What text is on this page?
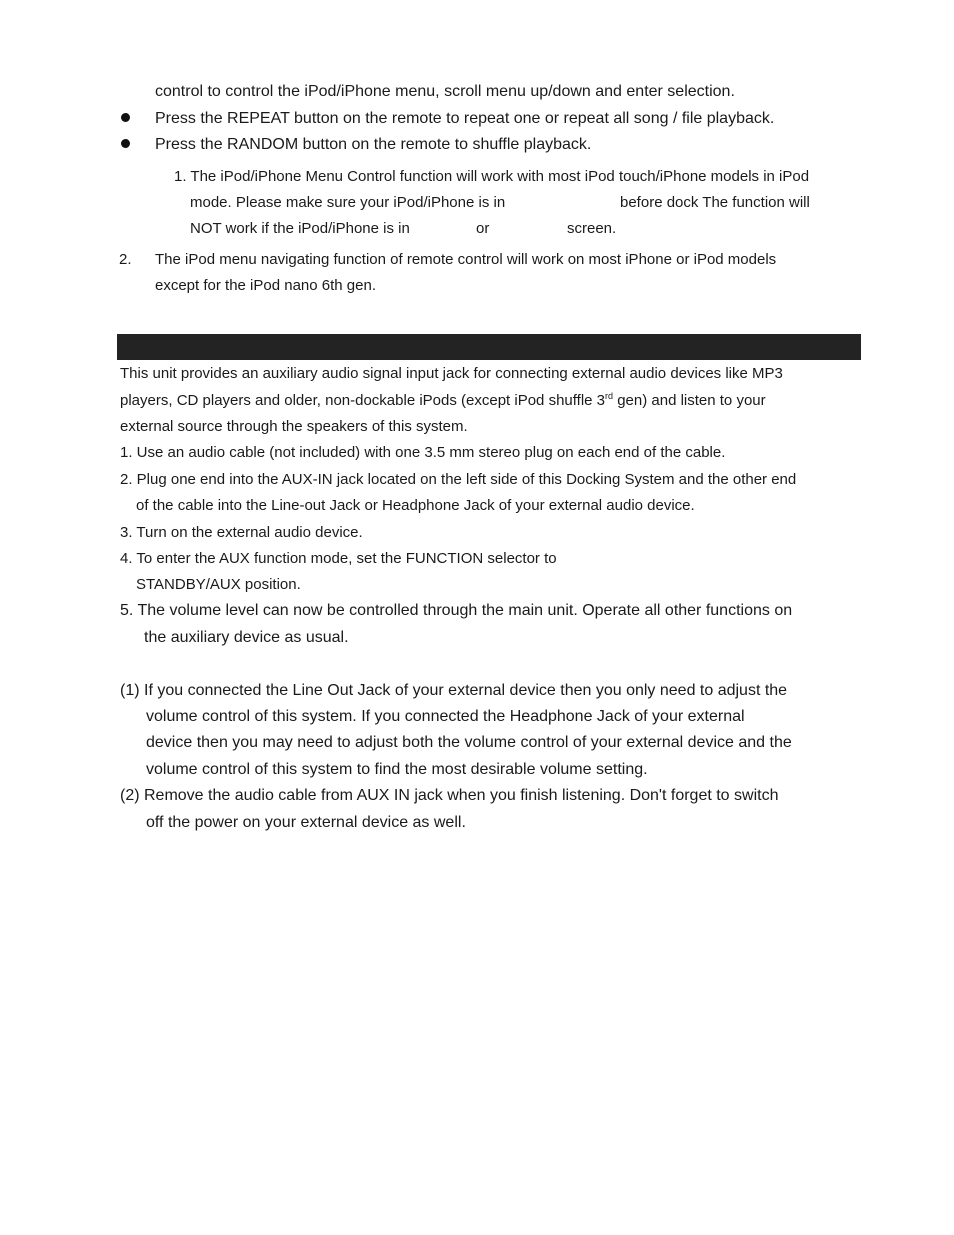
control to control the iPod/iPhone menu, scroll menu up/down and enter selection.
Press the REPEAT button on the remote to repeat one or repeat all song / file playback.
Press the RANDOM button on the remote to shuffle playback.
1. The iPod/iPhone Menu Control function will work with most iPod touch/iPhone models in iPod
mode. Please make sure your iPod/iPhone is in	before dock The function will
NOT work if the iPod/iPhone is in	or	screen.
2. The iPod menu navigating function of remote control will work on most iPhone or iPod models
except for the iPod nano 6th gen.
This unit provides an auxiliary audio signal input jack for connecting external audio devices like MP3
players, CD players and older, non-dockable iPods (except iPod shuffle 3rd gen) and listen to your
external source through the speakers of this system.
1. Use an audio cable (not included) with one 3.5 mm stereo plug on each end of the cable.
2. Plug one end into the AUX-IN jack located on the left side of this Docking System and the other end
of the cable into the Line-out Jack or Headphone Jack of your external audio device.
3. Turn on the external audio device.
4. To enter the AUX function mode, set the FUNCTION selector to
STANDBY/AUX position.
5. The volume level can now be controlled through the main unit. Operate all other functions on
the auxiliary device as usual.
(1) If you connected the Line Out Jack of your external device then you only need to adjust the
volume control of this system. If you connected the Headphone Jack of your external
device then you may need to adjust both the volume control of your external device and the
volume control of this system to find the most desirable volume setting.
(2) Remove the audio cable from AUX IN jack when you finish listening. Don't forget to switch
off the power on your external device as well.
